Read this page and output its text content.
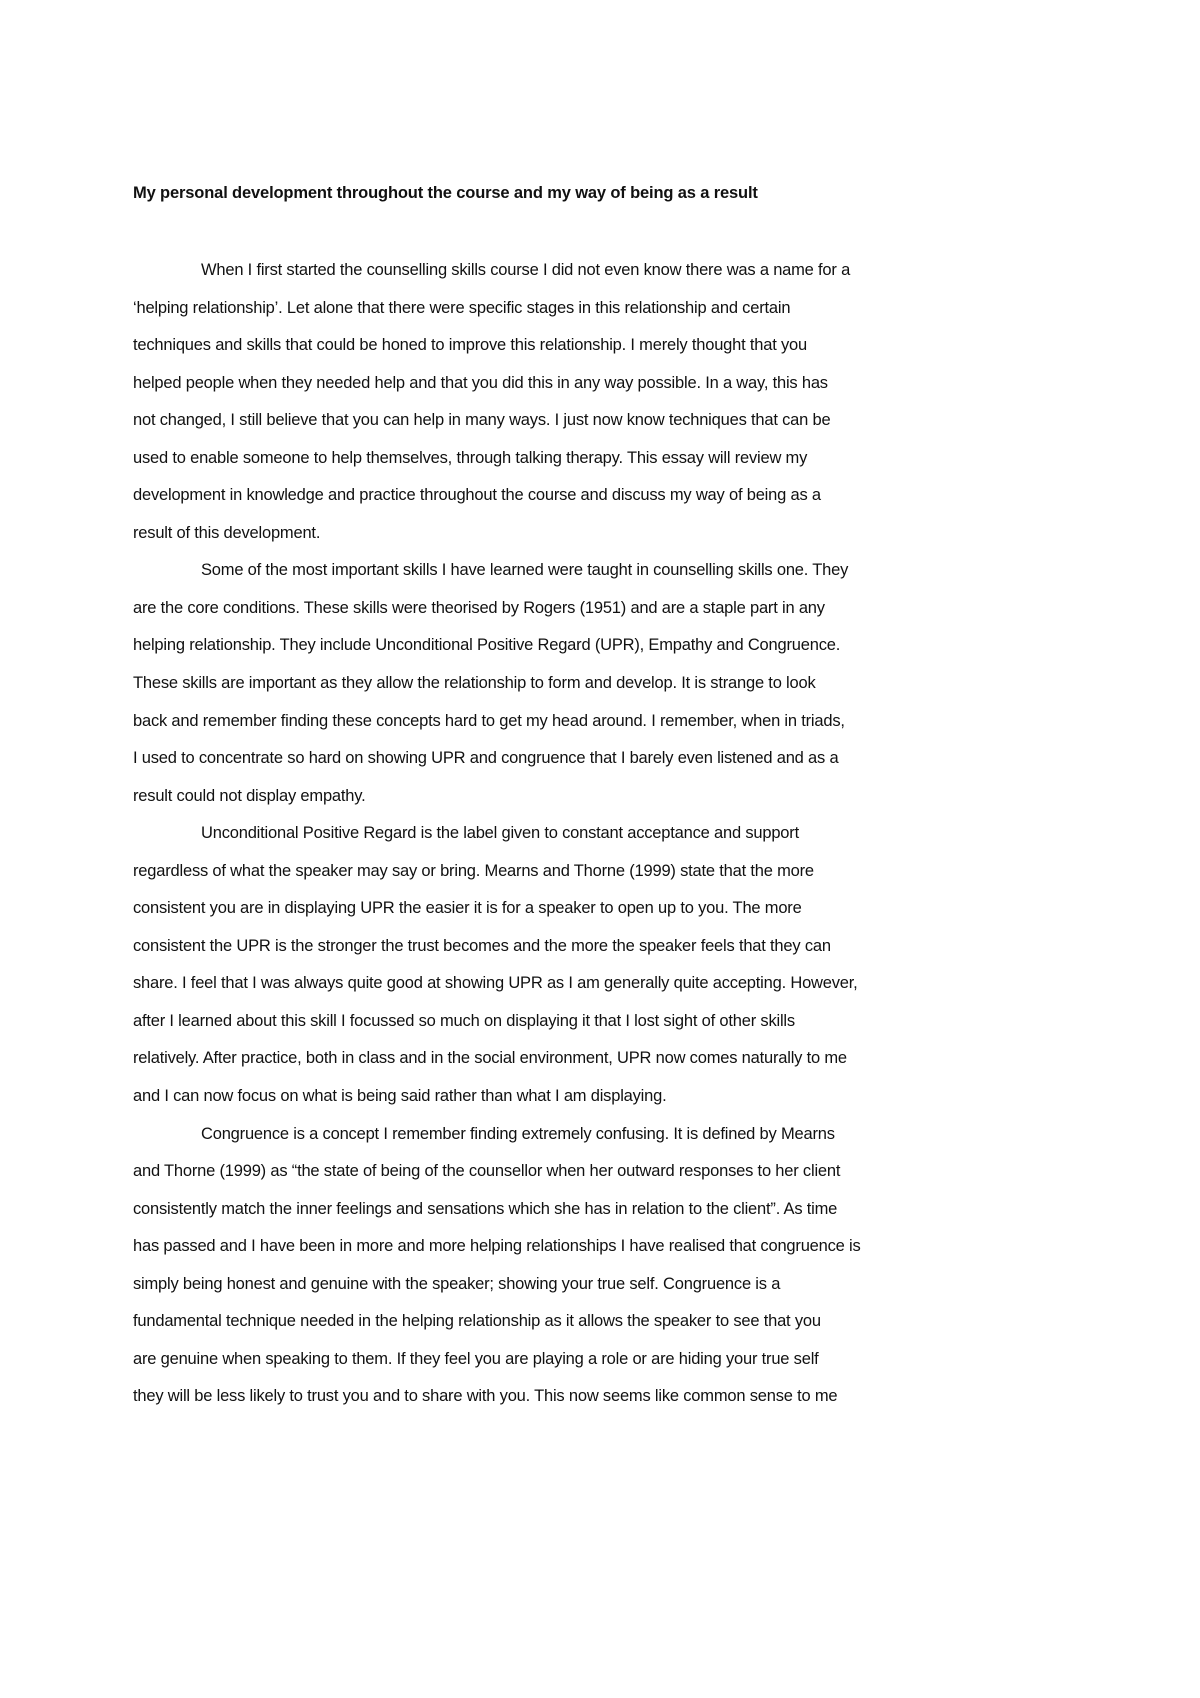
My personal development throughout the course and my way of being as a result
When I first started the counselling skills course I did not even know there was a name for a
‘helping relationship’. Let alone that there were specific stages in this relationship and certain
techniques and skills that could be honed to improve this relationship. I merely thought that you
helped people when they needed help and that you did this in any way possible. In a way, this has
not changed, I still believe that you can help in many ways. I just now know techniques that can be
used to enable someone to help themselves, through talking therapy. This essay will review my
development in knowledge and practice throughout the course and discuss my way of being as a
result of this development.
Some of the most important skills I have learned were taught in counselling skills one. They
are the core conditions. These skills were theorised by Rogers (1951) and are a staple part in any
helping relationship. They include Unconditional Positive Regard (UPR), Empathy and Congruence.
These skills are important as they allow the relationship to form and develop. It is strange to look
back and remember finding these concepts hard to get my head around. I remember, when in triads,
I used to concentrate so hard on showing UPR and congruence that I barely even listened and as a
result could not display empathy.
Unconditional Positive Regard is the label given to constant acceptance and support
regardless of what the speaker may say or bring. Mearns and Thorne (1999) state that the more
consistent you are in displaying UPR the easier it is for a speaker to open up to you. The more
consistent the UPR is the stronger the trust becomes and the more the speaker feels that they can
share. I feel that I was always quite good at showing UPR as I am generally quite accepting. However,
after I learned about this skill I focussed so much on displaying it that I lost sight of other skills
relatively. After practice, both in class and in the social environment, UPR now comes naturally to me
and I can now focus on what is being said rather than what I am displaying.
Congruence is a concept I remember finding extremely confusing. It is defined by Mearns
and Thorne (1999) as “the state of being of the counsellor when her outward responses to her client
consistently match the inner feelings and sensations which she has in relation to the client”. As time
has passed and I have been in more and more helping relationships I have realised that congruence is
simply being honest and genuine with the speaker; showing your true self. Congruence is a
fundamental technique needed in the helping relationship as it allows the speaker to see that you
are genuine when speaking to them. If they feel you are playing a role or are hiding your true self
they will be less likely to trust you and to share with you. This now seems like common sense to me
